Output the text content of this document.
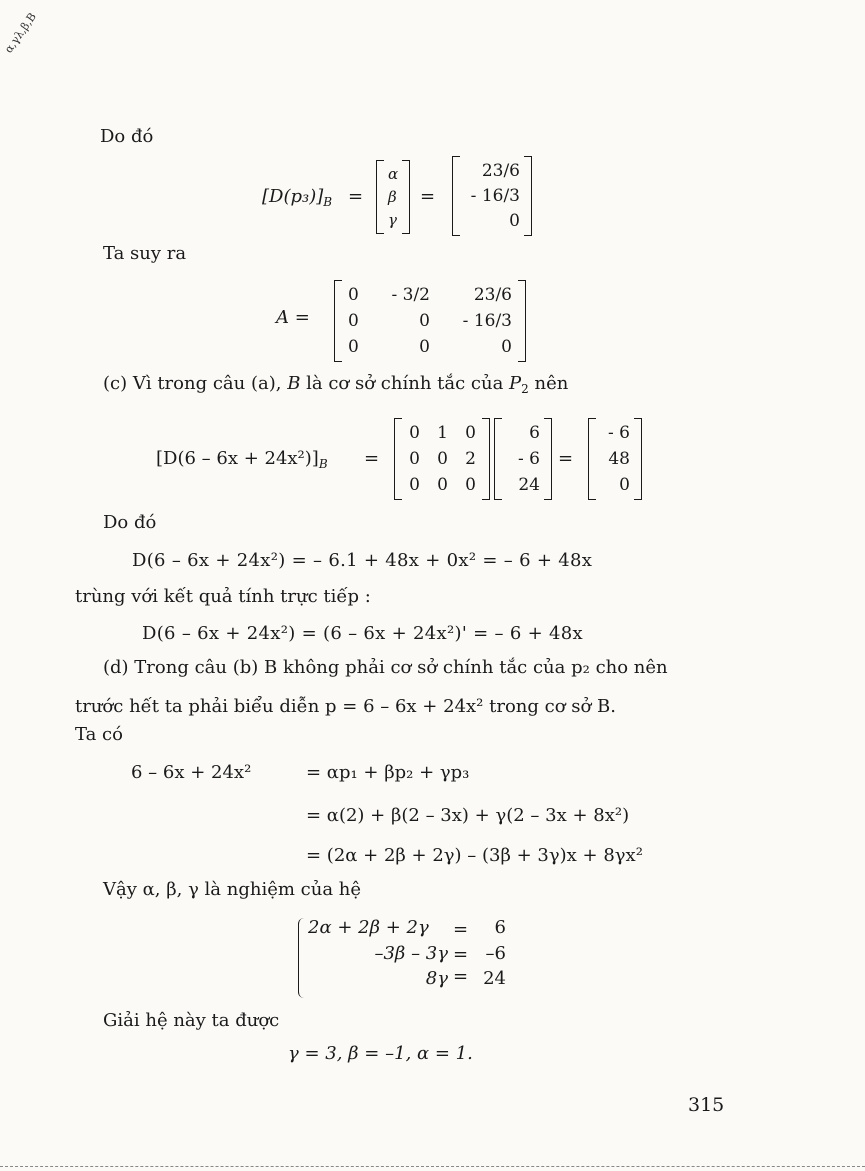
α,γλ,β,B
Do đó
$[D(p_3)]_B$ =
α
β
γ
=
23/6
- 16/3
0
Ta suy ra
A =
0	- 3/2	23/6
0	0	- 16/3
0	0	0
(c) Vì trong câu (a), B là cơ sở chính tắc của $P_2$ nên
$[D(6 - 6x + 24x^2)]_B$ =
0 1 0
0 0 2
0 0 0
6
- 6
24
=
- 6
48
0
Do đó
D(6 – 6x + 24x²) = – 6.1 + 48x + 0x² = – 6 + 48x
trùng với kết quả tính trực tiếp :
D(6 – 6x + 24x²) = (6 – 6x + 24x²)' = – 6 + 48x
(d) Trong câu (b) B không phải cơ sở chính tắc của p₂ cho nên
trước hết ta phải biểu diễn p = 6 – 6x + 24x² trong cơ sở B.
Ta có
6 – 6x + 24x²	= αp₁ + βp₂ + γp₃
= α(2) + β(2 – 3x) + γ(2 – 3x + 8x²)
= (2α + 2β + 2γ) – (3β + 3γ)x + 8γx²
Vậy α, β, γ là nghiệm của hệ
2α + 2β + 2γ	=	6
–3β – 3γ = –6
8γ = 24
Giải hệ này ta được
γ = 3, β = –1, α = 1.
315
